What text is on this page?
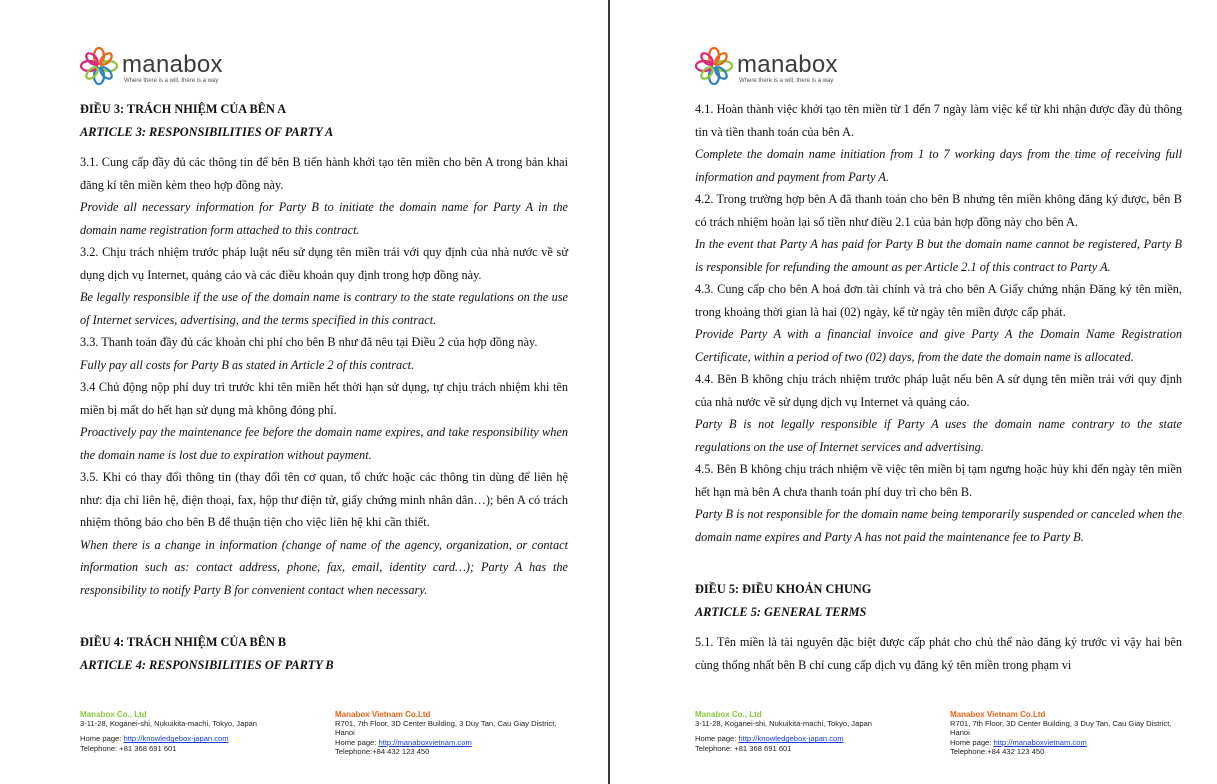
manabox
Where there is a will, there is a way

ĐIỀU 3: TRÁCH NHIỆM CỦA BÊN A

ARTICLE 3: RESPONSIBILITIES OF PARTY A

3.1. Cung cấp đầy đủ các thông tin để bên B tiến hành khởi tạo tên miền cho bên A trong bản khai đăng kí tên miền kèm theo hợp đồng này.

Provide all necessary information for Party B to initiate the domain name for Party A in the domain name registration form attached to this contract.

3.2. Chịu trách nhiệm trước pháp luật nếu sử dụng tên miền trái với quy định của nhà nước về sử dụng dịch vụ Internet, quảng cáo và các điều khoản quy định trong hợp đồng này.

Be legally responsible if the use of the domain name is contrary to the state regulations on the use of Internet services, advertising, and the terms specified in this contract.

3.3. Thanh toán đầy đủ các khoản chi phí cho bên B như đã nêu tại Điều 2 của hợp đồng này.

Fully pay all costs for Party B as stated in Article 2 of this contract.

3.4 Chủ động nộp phí duy trì trước khi tên miền hết thời hạn sử dụng, tự chịu trách nhiệm khi tên miền bị mất do hết hạn sử dụng mà không đóng phí.

Proactively pay the maintenance fee before the domain name expires, and take responsibility when the domain name is lost due to expiration without payment.

3.5. Khi có thay đổi thông tin (thay đổi tên cơ quan, tổ chức hoặc các thông tin dùng để liên hệ như: địa chỉ liên hệ, điện thoại, fax, hộp thư điện tử, giấy chứng minh nhân dân…); bên A có trách nhiệm thông báo cho bên B để thuận tiện cho việc liên hệ khi cần thiết.

When there is a change in information (change of name of the agency, organization, or contact information such as: contact address, phone, fax, email, identity card…); Party A has the responsibility to notify Party B for convenient contact when necessary.

ĐIỀU 4: TRÁCH NHIỆM CỦA BÊN B

ARTICLE 4: RESPONSIBILITIES OF PARTY B

Manabox Co., Ltd
3-11-28, Koganei-shi, Nukuikita-machi, Tokyo, Japan
Home page: http://knowledgebox-japan.com
Telephone: +81 368 691 601
Manabox Vietnam Co.Ltd
R701, 7th Floor, 3D Center Building, 3 Duy Tan, Cau Giay District, Hanoi
Home page: http://manaboxvietnam.com
Telephone:+84 432 123 450
manabox
Where there is a will, there is a way

4.1. Hoàn thành việc khởi tạo tên miền từ 1 đến 7 ngày làm việc kể từ khi nhận được đầy đủ thông tin và tiền thanh toán của bên A.

Complete the domain name initiation from 1 to 7 working days from the time of receiving full information and payment from Party A.

4.2. Trong trường hợp bên A đã thanh toán cho bên B nhưng tên miền không đăng ký được, bên B có trách nhiệm hoàn lại số tiền như điều 2.1 của bản hợp đồng này cho bên A.

In the event that Party A has paid for Party B but the domain name cannot be registered, Party B is responsible for refunding the amount as per Article 2.1 of this contract to Party A.

4.3. Cung cấp cho bên A hoá đơn tài chính và trả cho bên A Giấy chứng nhận Đăng ký tên miền, trong khoảng thời gian là hai (02) ngày, kể từ ngày tên miền được cấp phát.

Provide Party A with a financial invoice and give Party A the Domain Name Registration Certificate, within a period of two (02) days, from the date the domain name is allocated.

4.4. Bên B không chịu trách nhiệm trước pháp luật nếu bên A sử dụng tên miền trái với quy định của nhà nước về sử dụng dịch vụ Internet và quảng cáo.

Party B is not legally responsible if Party A uses the domain name contrary to the state regulations on the use of Internet services and advertising.

4.5. Bên B không chịu trách nhiệm về việc tên miền bị tạm ngưng hoặc hủy khi đến ngày tên miền hết hạn mà bên A chưa thanh toán phí duy trì cho bên B.

Party B is not responsible for the domain name being temporarily suspended or canceled when the domain name expires and Party A has not paid the maintenance fee to Party B.

ĐIỀU 5: ĐIỀU KHOẢN CHUNG

ARTICLE 5: GENERAL TERMS

5.1. Tên miền là tài nguyên đặc biệt được cấp phát cho chủ thể nào đăng ký trước vì vậy hai bên cùng thống nhất bên B chỉ cung cấp dịch vụ đăng ký tên miền trong phạm vi

Manabox Co., Ltd
3-11-28, Koganei-shi, Nukuikita-machi, Tokyo, Japan
Home page: http://knowledgebox-japan.com
Telephone: +81 368 691 601
Manabox Vietnam Co.Ltd
R701, 7th Floor, 3D Center Building, 3 Duy Tan, Cau Giay District, Hanoi
Home page: http://manaboxvietnam.com
Telephone:+84 432 123 450
